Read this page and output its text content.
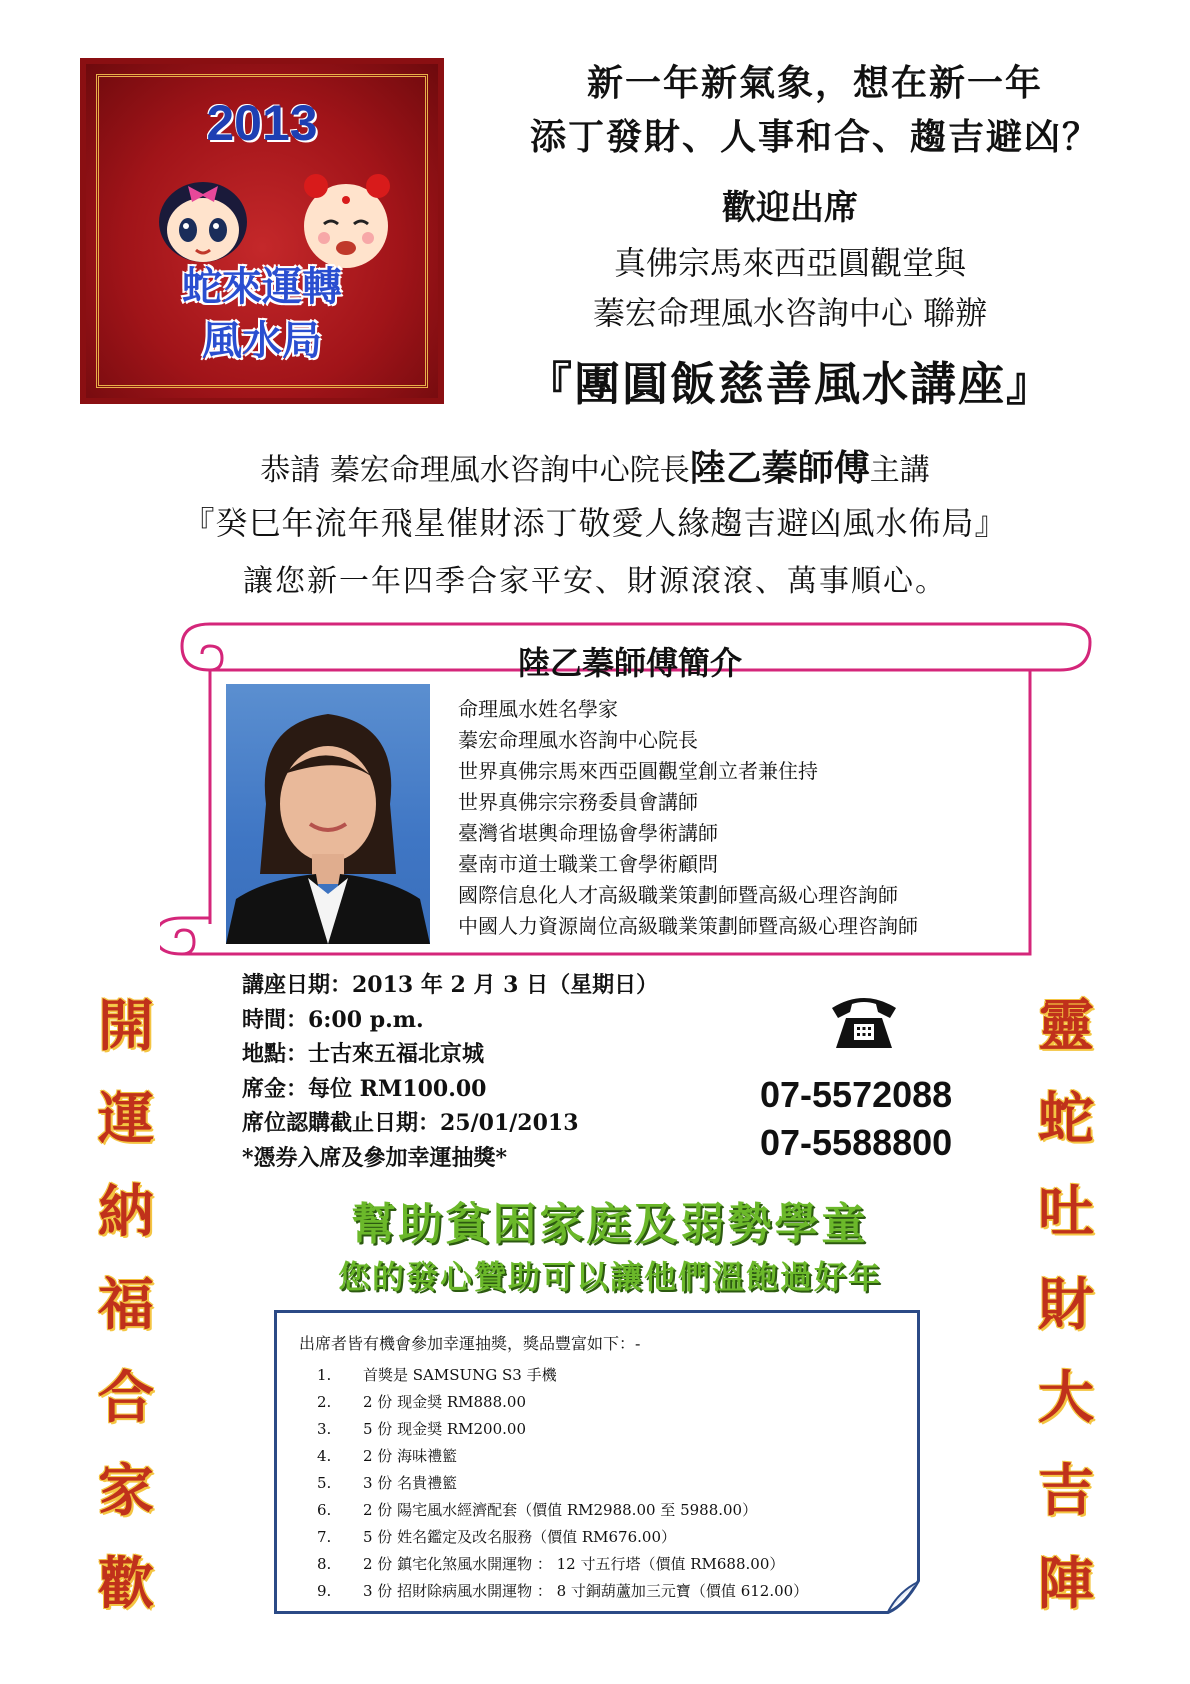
2013
蛇來運轉
風水局
新一年新氣象，想在新一年
添丁發財、人事和合、趨吉避凶？
歡迎出席
真佛宗馬來西亞圓觀堂與
蓁宏命理風水咨詢中心 聯辦
『團圓飯慈善風水講座』
恭請 蓁宏命理風水咨詢中心院長陸乙蓁師傅主講
『癸巳年流年飛星催財添丁敬愛人緣趨吉避凶風水佈局』
讓您新一年四季合家平安、財源滾滾、萬事順心。
陸乙蓁師傅簡介
命理風水姓名學家
蓁宏命理風水咨詢中心院長
世界真佛宗馬來西亞圓觀堂創立者兼住持
世界真佛宗宗務委員會講師
臺灣省堪輿命理協會學術講師
臺南市道士職業工會學術顧問
國際信息化人才高級職業策劃師暨高級心理咨詢師
中國人力資源崗位高級職業策劃師暨高級心理咨詢師
講座日期：2013 年 2 月 3 日（星期日）
時間：6:00 p.m.
地點：士古來五福北京城
席金：每位 RM100.00
席位認購截止日期：25/01/2013
*憑券入席及參加幸運抽獎*
07-5572088
07-5588800
開
運
納
福
合
家
歡
靈
蛇
吐
財
大
吉
陣
幫助貧困家庭及弱勢學童
您的發心贊助可以讓他們溫飽過好年
出席者皆有機會參加幸運抽獎，獎品豐富如下：-
1.	首獎是 SAMSUNG S3 手機
2.	2 份 现金奨 RM888.00
3.	5 份 现金奨 RM200.00
4.	2 份 海味禮籃
5.	3 份 名貴禮籃
6.	2 份 陽宅風水經濟配套（價值 RM2988.00 至 5988.00）
7.	5 份 姓名鑑定及改名服務（價值 RM676.00）
8.	2 份 鎮宅化煞風水開運物 ： 12 寸五行塔（價值 RM688.00）
9.	3 份 招財除病風水開運物 ： 8 寸銅葫蘆加三元寶（價值 612.00）
